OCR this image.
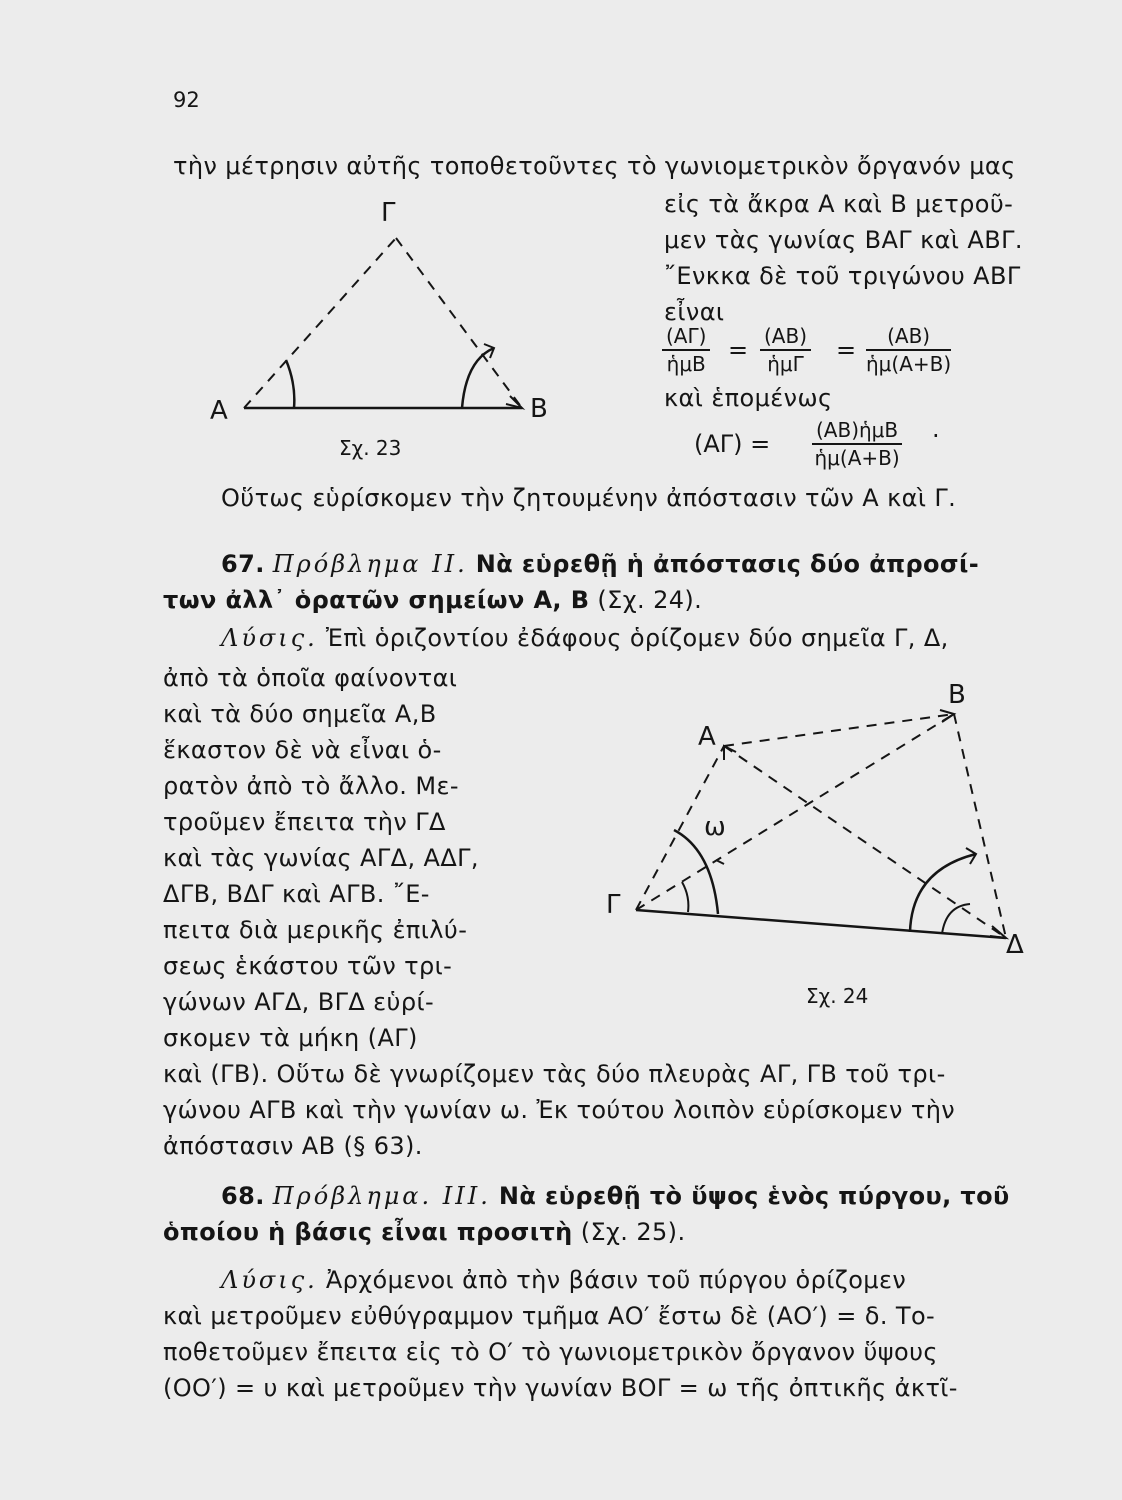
92
τὴν μέτρησιν αὐτῆς τοποθετοῦντες τὸ γωνιομετρικὸν ὄργανόν μας
εἰς τὰ ἄκρα Α καὶ Β μετροῦ-
μεν τὰς γωνίας ΒΑΓ καὶ ΑΒΓ.
῎Ενκκα δὲ τοῦ τριγώνου ΑΒΓ
εἶναι
(ΑΓ)
ἡμΒ = (ΑΒ)
ἡμΓ	= $\frac{(AB)}{\text{ἡμ(Α+Β)}}$
καὶ ἑπομένως
(ΑΓ) = (ΑΒ)ἡμΒ
ἡμ(Α+Β)
·
Οὕτως εὑρίσκομεν τὴν ζητουμένην ἀπόστασιν τῶν Α καὶ Γ.
Α	Β
Γ
Σχ. 23
67. Πρόβλημα ΙΙ. Νὰ εὑρεθῇ ἡ ἀπόστασις δύο ἀπροσί-
των ἀλλ᾽ ὁρατῶν σημείων Α, Β (Σχ. 24).
Λύσις. Ἐπὶ ὁριζοντίου ἐδάφους ὁρίζομεν δύο σημεῖα Γ, Δ,
ἀπὸ τὰ ὁποῖα φαίνονται
καὶ τὰ δύο σημεῖα Α,Β
ἕκαστον δὲ νὰ εἶναι ὁ-
ρατὸν ἀπὸ τὸ ἄλλο. Με-
τροῦμεν ἔπειτα τὴν ΓΔ
καὶ τὰς γωνίας ΑΓΔ, ΑΔΓ,
ΔΓΒ, ΒΔΓ καὶ ΑΓΒ. ῎Ε-
πειτα διὰ μερικῆς ἐπιλύ-
σεως ἑκάστου τῶν τρι-
γώνων ΑΓΔ, ΒΓΔ εὑρί-
σκομεν τὰ μήκη (ΑΓ)
καὶ (ΓΒ). Οὕτω δὲ γνωρίζομεν τὰς δύο πλευρὰς ΑΓ, ΓΒ τοῦ τρι-
γώνου ΑΓΒ καὶ τὴν γωνίαν ω. Ἐκ τούτου λοιπὸν εὑρίσκομεν τὴν
ἀπόστασιν ΑΒ (§ 63).
Α
Β
Γ
Δ
ω
Σχ. 24
68. Πρόβλημα. ΙΙΙ. Νὰ εὑρεθῇ τὸ ὕψος ἑνὸς πύργου, τοῦ
ὁποίου ἡ βάσις εἶναι προσιτὴ (Σχ. 25).
Λύσις. Ἀρχόμενοι ἀπὸ τὴν βάσιν τοῦ πύργου ὁρίζομεν
καὶ μετροῦμεν εὐθύγραμμον τμῆμα ΑΟ′ ἔστω δὲ (ΑΟ′) = δ. Το-
ποθετοῦμεν ἔπειτα εἰς τὸ Ο′ τὸ γωνιομετρικὸν ὄργανον ὕψους
(ΟΟ′) = υ καὶ μετροῦμεν τὴν γωνίαν ΒΟΓ = ω τῆς ὀπτικῆς ἀκτῖ-
